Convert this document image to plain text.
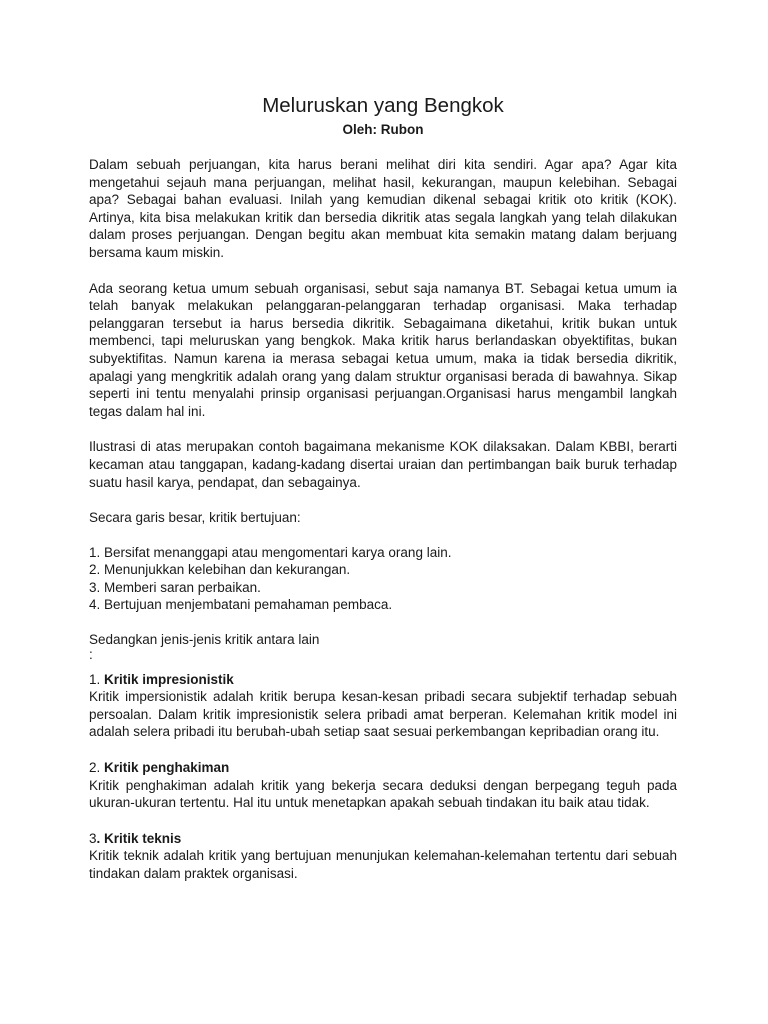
Meluruskan yang Bengkok
Oleh: Rubon

Dalam sebuah perjuangan, kita harus berani melihat diri kita sendiri. Agar apa? Agar kita mengetahui sejauh mana perjuangan, melihat hasil, kekurangan, maupun kelebihan. Sebagai apa? Sebagai bahan evaluasi. Inilah yang kemudian dikenal sebagai kritik oto kritik (KOK). Artinya, kita bisa melakukan kritik dan bersedia dikritik atas segala langkah yang telah dilakukan dalam proses perjuangan. Dengan begitu akan membuat kita semakin matang dalam berjuang bersama kaum miskin.

Ada seorang ketua umum sebuah organisasi, sebut saja namanya BT. Sebagai ketua umum ia telah banyak melakukan pelanggaran-pelanggaran terhadap organisasi. Maka terhadap pelanggaran tersebut ia harus bersedia dikritik. Sebagaimana diketahui, kritik bukan untuk membenci, tapi meluruskan yang bengkok. Maka kritik harus berlandaskan obyektifitas, bukan subyektifitas. Namun karena ia merasa sebagai ketua umum, maka ia tidak bersedia dikritik, apalagi yang mengkritik adalah orang yang dalam struktur organisasi berada di bawahnya. Sikap seperti ini tentu menyalahi prinsip organisasi perjuangan.Organisasi harus mengambil langkah tegas dalam hal ini.

Ilustrasi di atas merupakan contoh bagaimana mekanisme KOK dilaksakan. Dalam KBBI, berarti kecaman atau tanggapan, kadang-kadang disertai uraian dan pertimbangan baik buruk terhadap suatu hasil karya, pendapat, dan sebagainya.

Secara garis besar, kritik bertujuan:

1. Bersifat menanggapi atau mengomentari karya orang lain.
2. Menunjukkan kelebihan dan kekurangan.
3. Memberi saran perbaikan.
4. Bertujuan menjembatani pemahaman pembaca.

Sedangkan jenis-jenis kritik antara lain

:

1. Kritik impresionistik

Kritik impersionistik adalah kritik berupa kesan-kesan pribadi secara subjektif terhadap sebuah persoalan. Dalam kritik impresionistik selera pribadi amat berperan. Kelemahan kritik model ini adalah selera pribadi itu berubah-ubah setiap saat sesuai perkembangan kepribadian orang itu.

2. Kritik penghakiman

Kritik penghakiman adalah kritik yang bekerja secara deduksi dengan berpegang teguh pada ukuran-ukuran tertentu. Hal itu untuk menetapkan apakah sebuah tindakan itu baik atau tidak.

3. Kritik teknis

Kritik teknik adalah kritik yang bertujuan menunjukan kelemahan-kelemahan tertentu dari sebuah tindakan dalam praktek organisasi.
